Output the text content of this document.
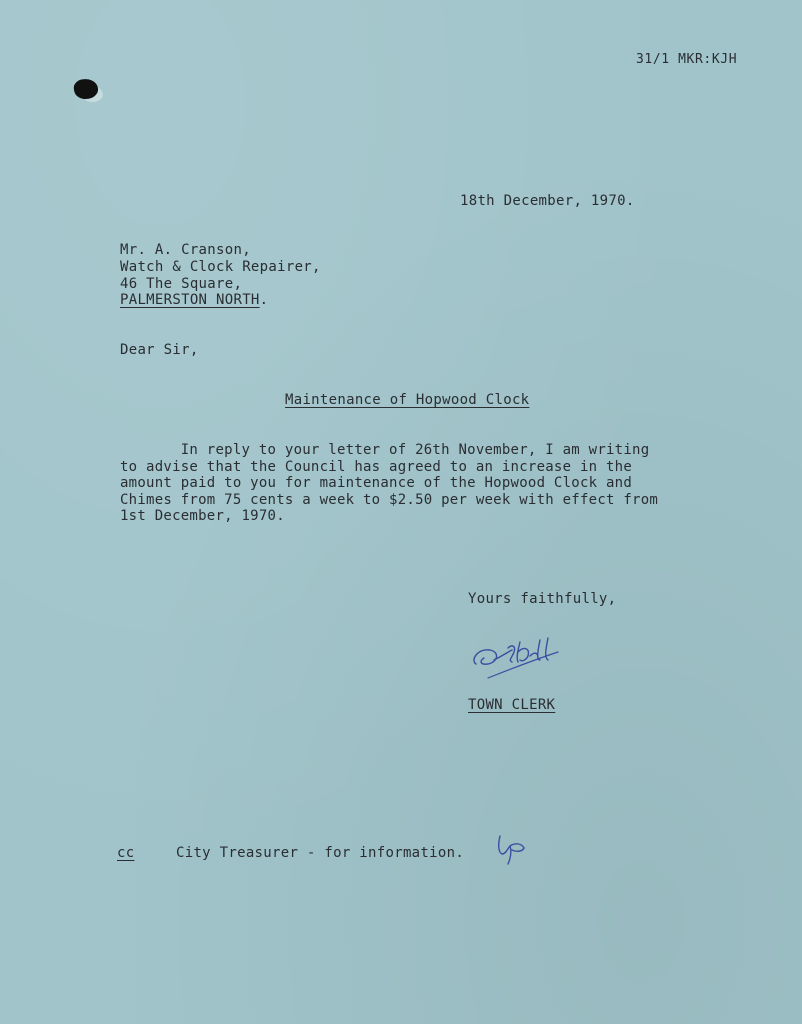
31/1 MKR:KJH
18th December, 1970.
Mr. A. Cranson,
Watch & Clock Repairer,
46 The Square,
PALMERSTON NORTH.
Dear Sir,
Maintenance of Hopwood Clock
In reply to your letter of 26th November, I am writing
to advise that the Council has agreed to an increase in the
amount paid to you for maintenance of the Hopwood Clock and
Chimes from 75 cents a week to $2.50 per week with effect from
1st December, 1970.
Yours faithfully,
TOWN CLERK
cc	City Treasurer - for information.
